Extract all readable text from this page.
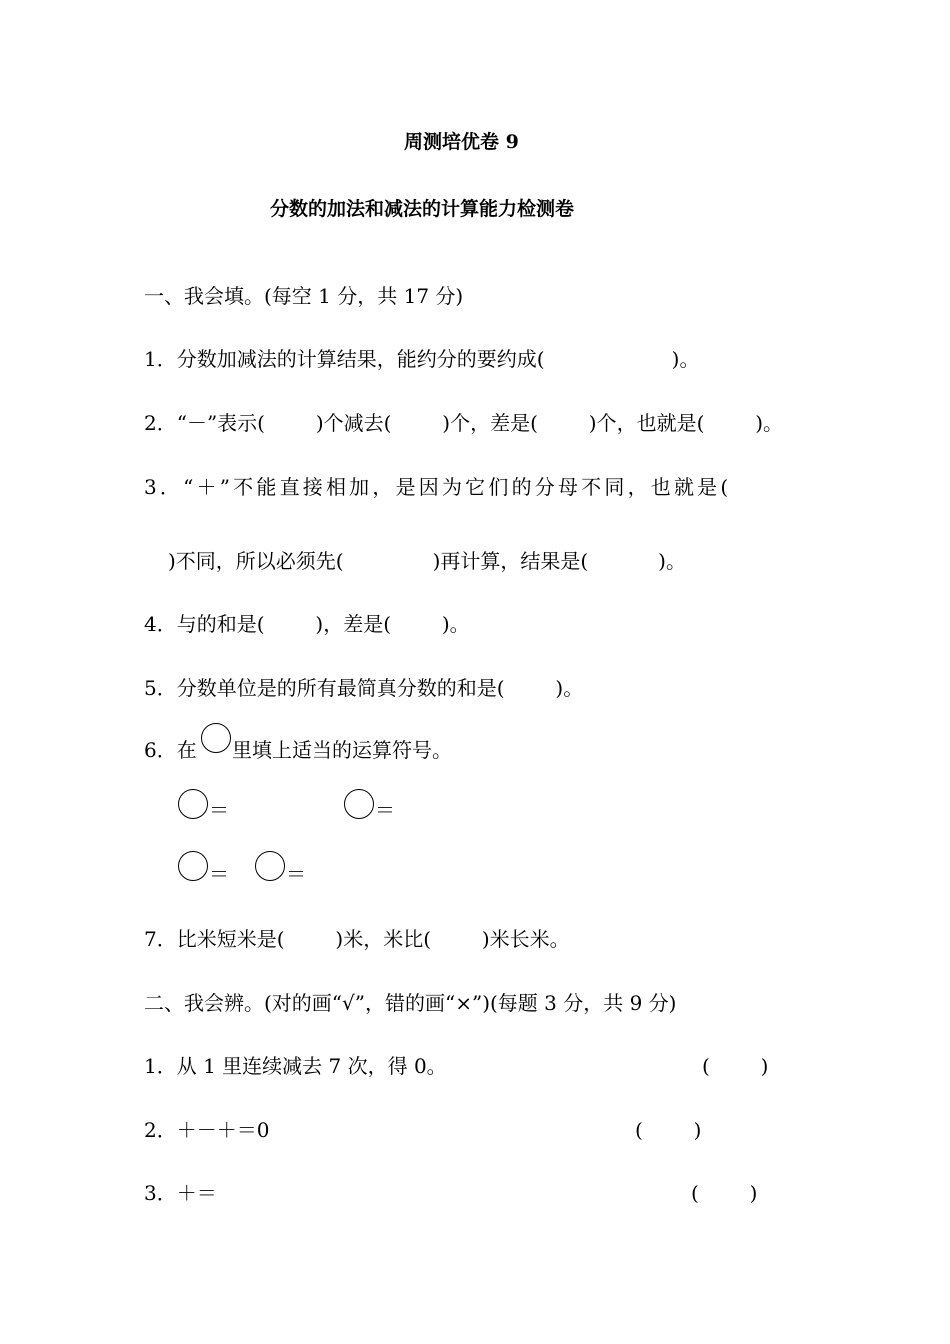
周测培优卷 9
分数的加法和减法的计算能力检测卷
一、我会填。(每空 1 分，共 17 分)
1．分数加减法的计算结果，能约分的要约成(                    )。
2．“－”表示(        )个减去(        )个，差是(        )个，也就是(        )。
3．“＋”不能直接相加，是因为它们的分母不同，也就是(
)不同，所以必须先(              )再计算，结果是(           )。
4．与的和是(        )，差是(        )。
5．分数单位是的所有最简真分数的和是(        )。
6．在 里填上适当的运算符号。
＝	＝
＝	＝
7．比米短米是(        )米，米比(        )米长米。
二、我会辨。(对的画“√”，错的画“×”)(每题 3 分，共 9 分)
1．从 1 里连续减去 7 次，得 0。	(        )
2．＋－＋＝0	(        )
3．＋＝	(        )
